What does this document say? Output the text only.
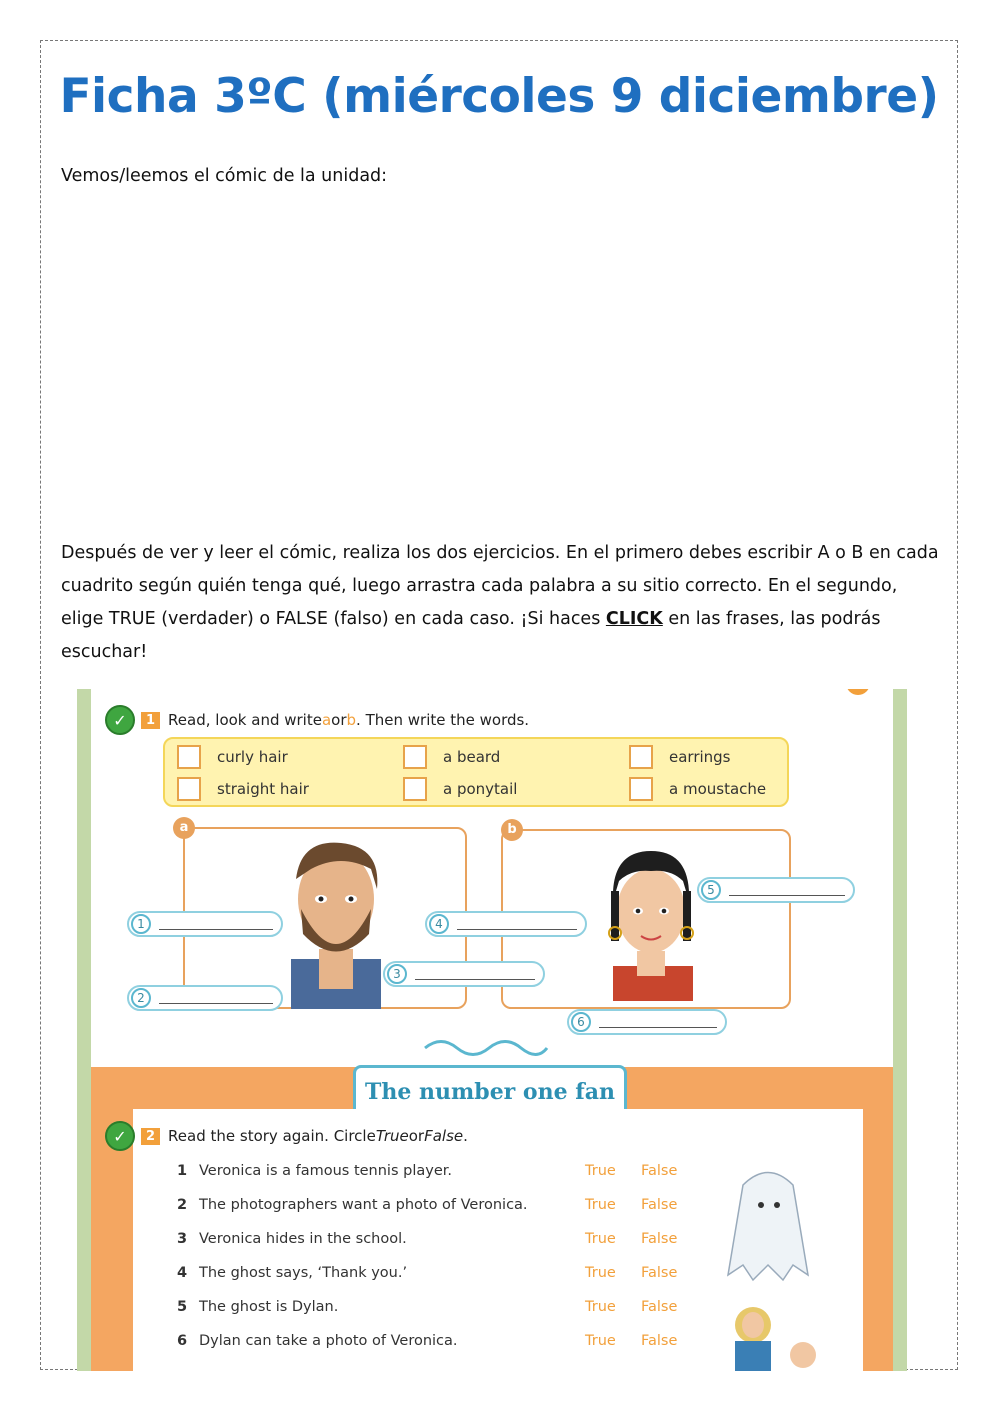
Ficha 3ºC (miércoles 9 diciembre)
Vemos/leemos el cómic de la unidad:
Después de ver y leer el cómic, realiza los dos ejercicios. En el primero debes escribir A o B en cada cuadrito según quién tenga qué, luego arrastra cada palabra a su sitio correcto. En el segundo, elige TRUE (verdader) o FALSE (falso) en cada caso. ¡Si haces CLICK en las frases, las podrás escuchar!
✓	1 Read, look and write a or b . Then write the words.
curly hair	a beard	earrings
straight hair	a ponytail	a moustache
a	b
1
2
3
4
5
6
The number one fan
✓	2 Read the story again. Circle True or False .
1 Veronica is a famous tennis player.	True	False
2 The photographers want a photo of Veronica.	True	False
3 Veronica hides in the school.	True	False
4 The ghost says, ‘Thank you.’	True	False
5 The ghost is Dylan.	True	False
6 Dylan can take a photo of Veronica.	True	False
